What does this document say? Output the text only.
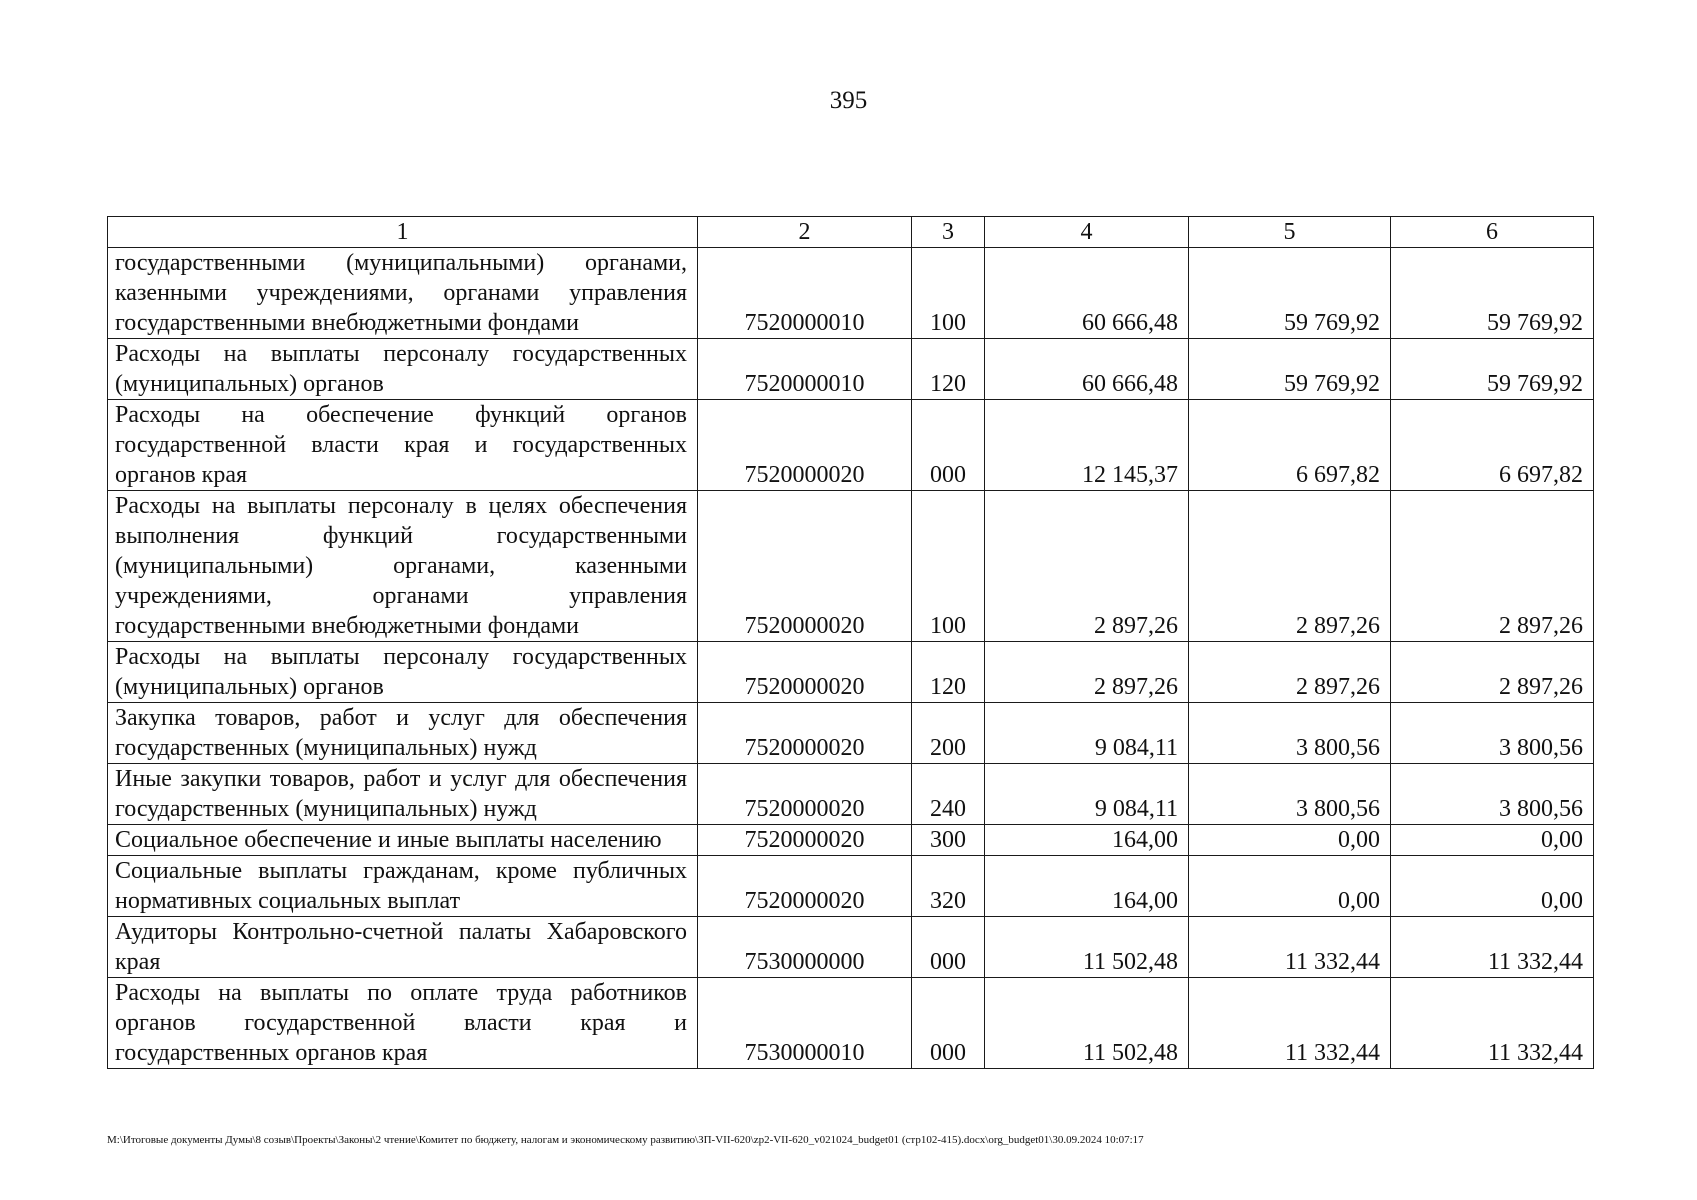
395
1	2	3	4	5	6
государственными (муниципальными) органами, казенными учреждениями, органами управления государственными внебюджетными фондами	7520000010	100	60 666,48	59 769,92	59 769,92
Расходы на выплаты персоналу государственных (муниципальных) органов	7520000010	120	60 666,48	59 769,92	59 769,92
Расходы на обеспечение функций органов государственной власти края и государственных органов края	7520000020	000	12 145,37	6 697,82	6 697,82
Расходы на выплаты персоналу в целях обеспечения выполнения функций государственными (муниципальными) органами, казенными учреждениями, органами управления государственными внебюджетными фондами	7520000020	100	2 897,26	2 897,26	2 897,26
Расходы на выплаты персоналу государственных (муниципальных) органов	7520000020	120	2 897,26	2 897,26	2 897,26
Закупка товаров, работ и услуг для обеспечения государственных (муниципальных) нужд	7520000020	200	9 084,11	3 800,56	3 800,56
Иные закупки товаров, работ и услуг для обеспечения государственных (муниципальных) нужд	7520000020	240	9 084,11	3 800,56	3 800,56
Социальное обеспечение и иные выплаты населению	7520000020	300	164,00	0,00	0,00
Социальные выплаты гражданам, кроме публичных нормативных социальных выплат	7520000020	320	164,00	0,00	0,00
Аудиторы Контрольно-счетной палаты Хабаровского края	7530000000	000	11 502,48	11 332,44	11 332,44
Расходы на выплаты по оплате труда работников органов государственной власти края и государственных органов края	7530000010	000	11 502,48	11 332,44	11 332,44
М:\Итоговые документы Думы\8 созыв\Проекты\Законы\2 чтение\Комитет по бюджету, налогам и экономическому развитию\ЗП-VII-620\zp2-VII-620_v021024_budget01 (стр102-415).docx\org_budget01\30.09.2024 10:07:17
